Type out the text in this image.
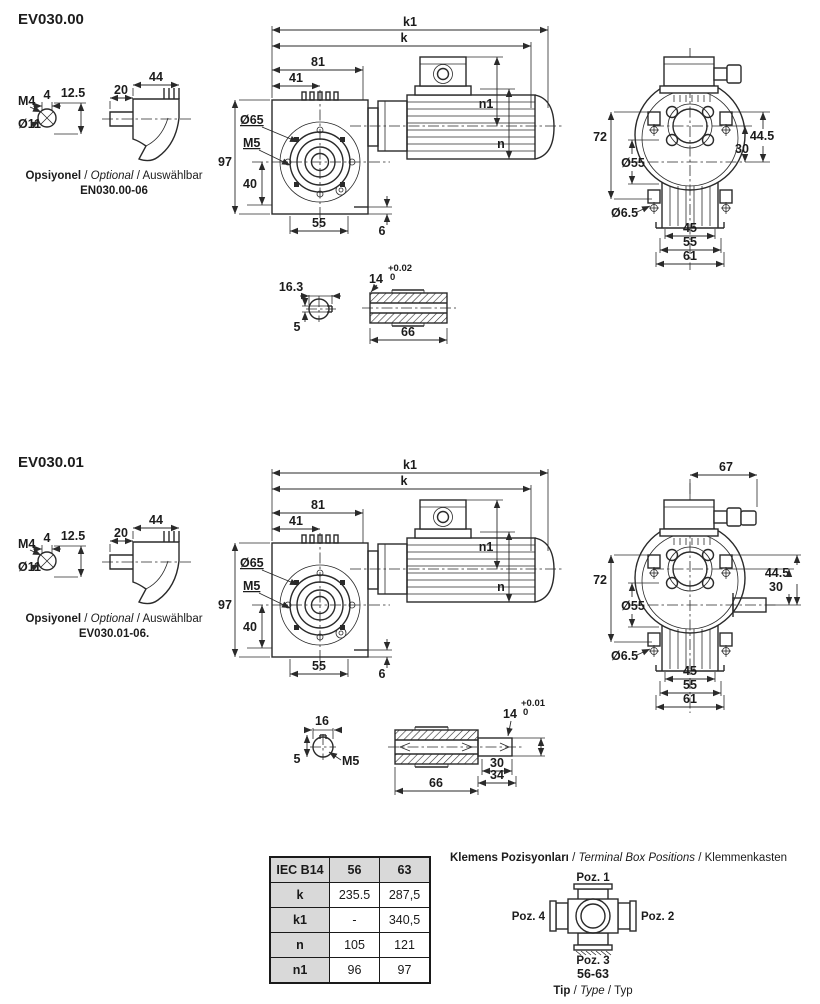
EV030.00
M4 4 12.5
Ø11
20
44
Opsiyonel / Optional / Auswählbar
EN030.00-06
k1
k
81
41
Ø65
M5
97
40
55
6
n1
n	72
Ø55
44.5
30
Ø6.5
45
55
61
16.3
5
14
+0.02
0
66
EV030.01
M4 4 12.5
Ø11
20
44
Opsiyonel / Optional / Auswählbar
EV030.01-06.
k1
k
81
41
Ø65
M5
97
40
55
6
n1
n
67
72
Ø55
44.5
30
Ø6.5
45
55
61
16
5	M5
14
+0.01
0
30
34
66
Klemens Pozisyonları / Terminal Box Positions / Klemmenkasten
Poz. 1
Poz. 2
Poz. 3
Poz. 4
56-63
Tip / Type / Typ
IEC B14	56	63
k	235.5	287,5
k1	-	340,5
n	105	121
n1	96	97
